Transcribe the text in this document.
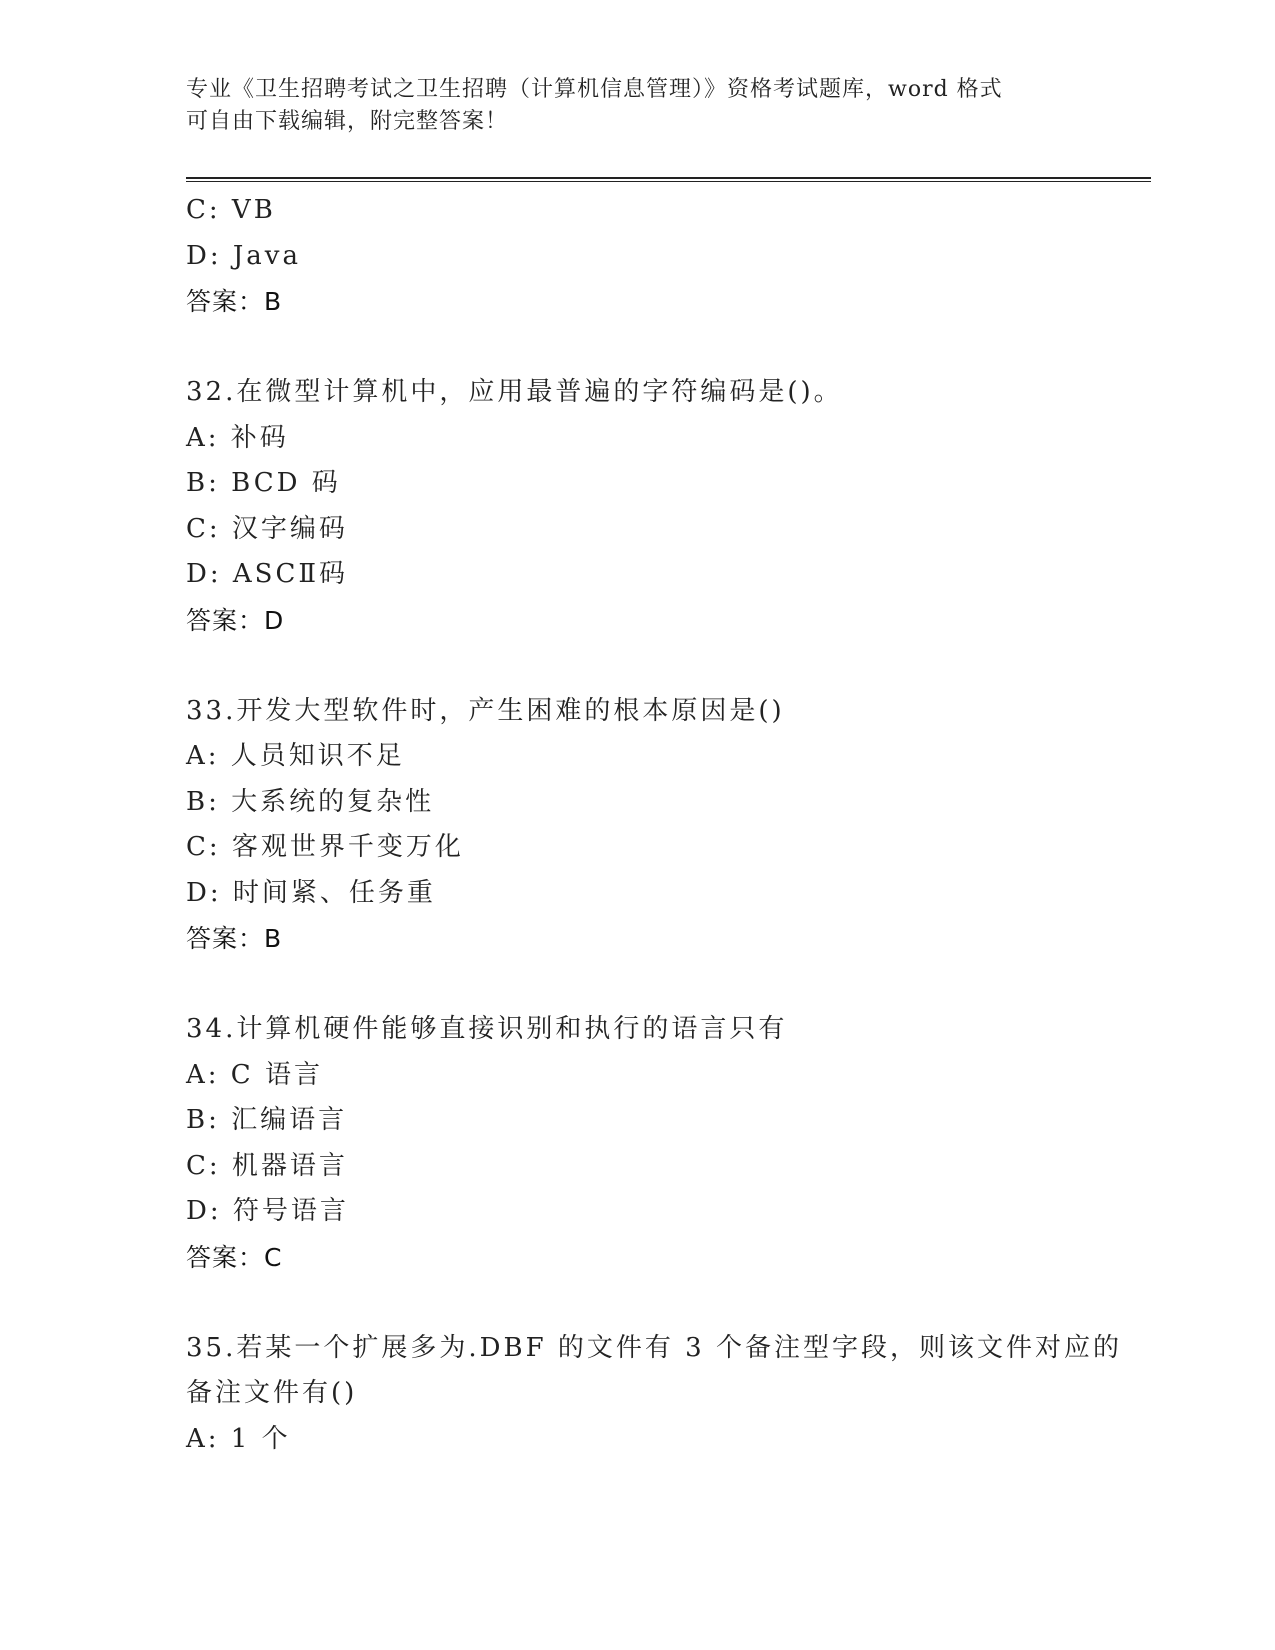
专业《卫生招聘考试之卫生招聘（计算机信息管理）》资格考试题库，word 格式
可自由下载编辑，附完整答案！
C: VB
D: Java
答案：B
32.在微型计算机中，应用最普遍的字符编码是()。
A: 补码
B: BCD 码
C: 汉字编码
D: ASCⅡ码
答案：D
33.开发大型软件时，产生困难的根本原因是()
A: 人员知识不足
B: 大系统的复杂性
C: 客观世界千变万化
D: 时间紧、任务重
答案：B
34.计算机硬件能够直接识别和执行的语言只有
A: C 语言
B: 汇编语言
C: 机器语言
D: 符号语言
答案：C
35.若某一个扩展多为.DBF 的文件有 3 个备注型字段，则该文件对应的
备注文件有()
A: 1 个
